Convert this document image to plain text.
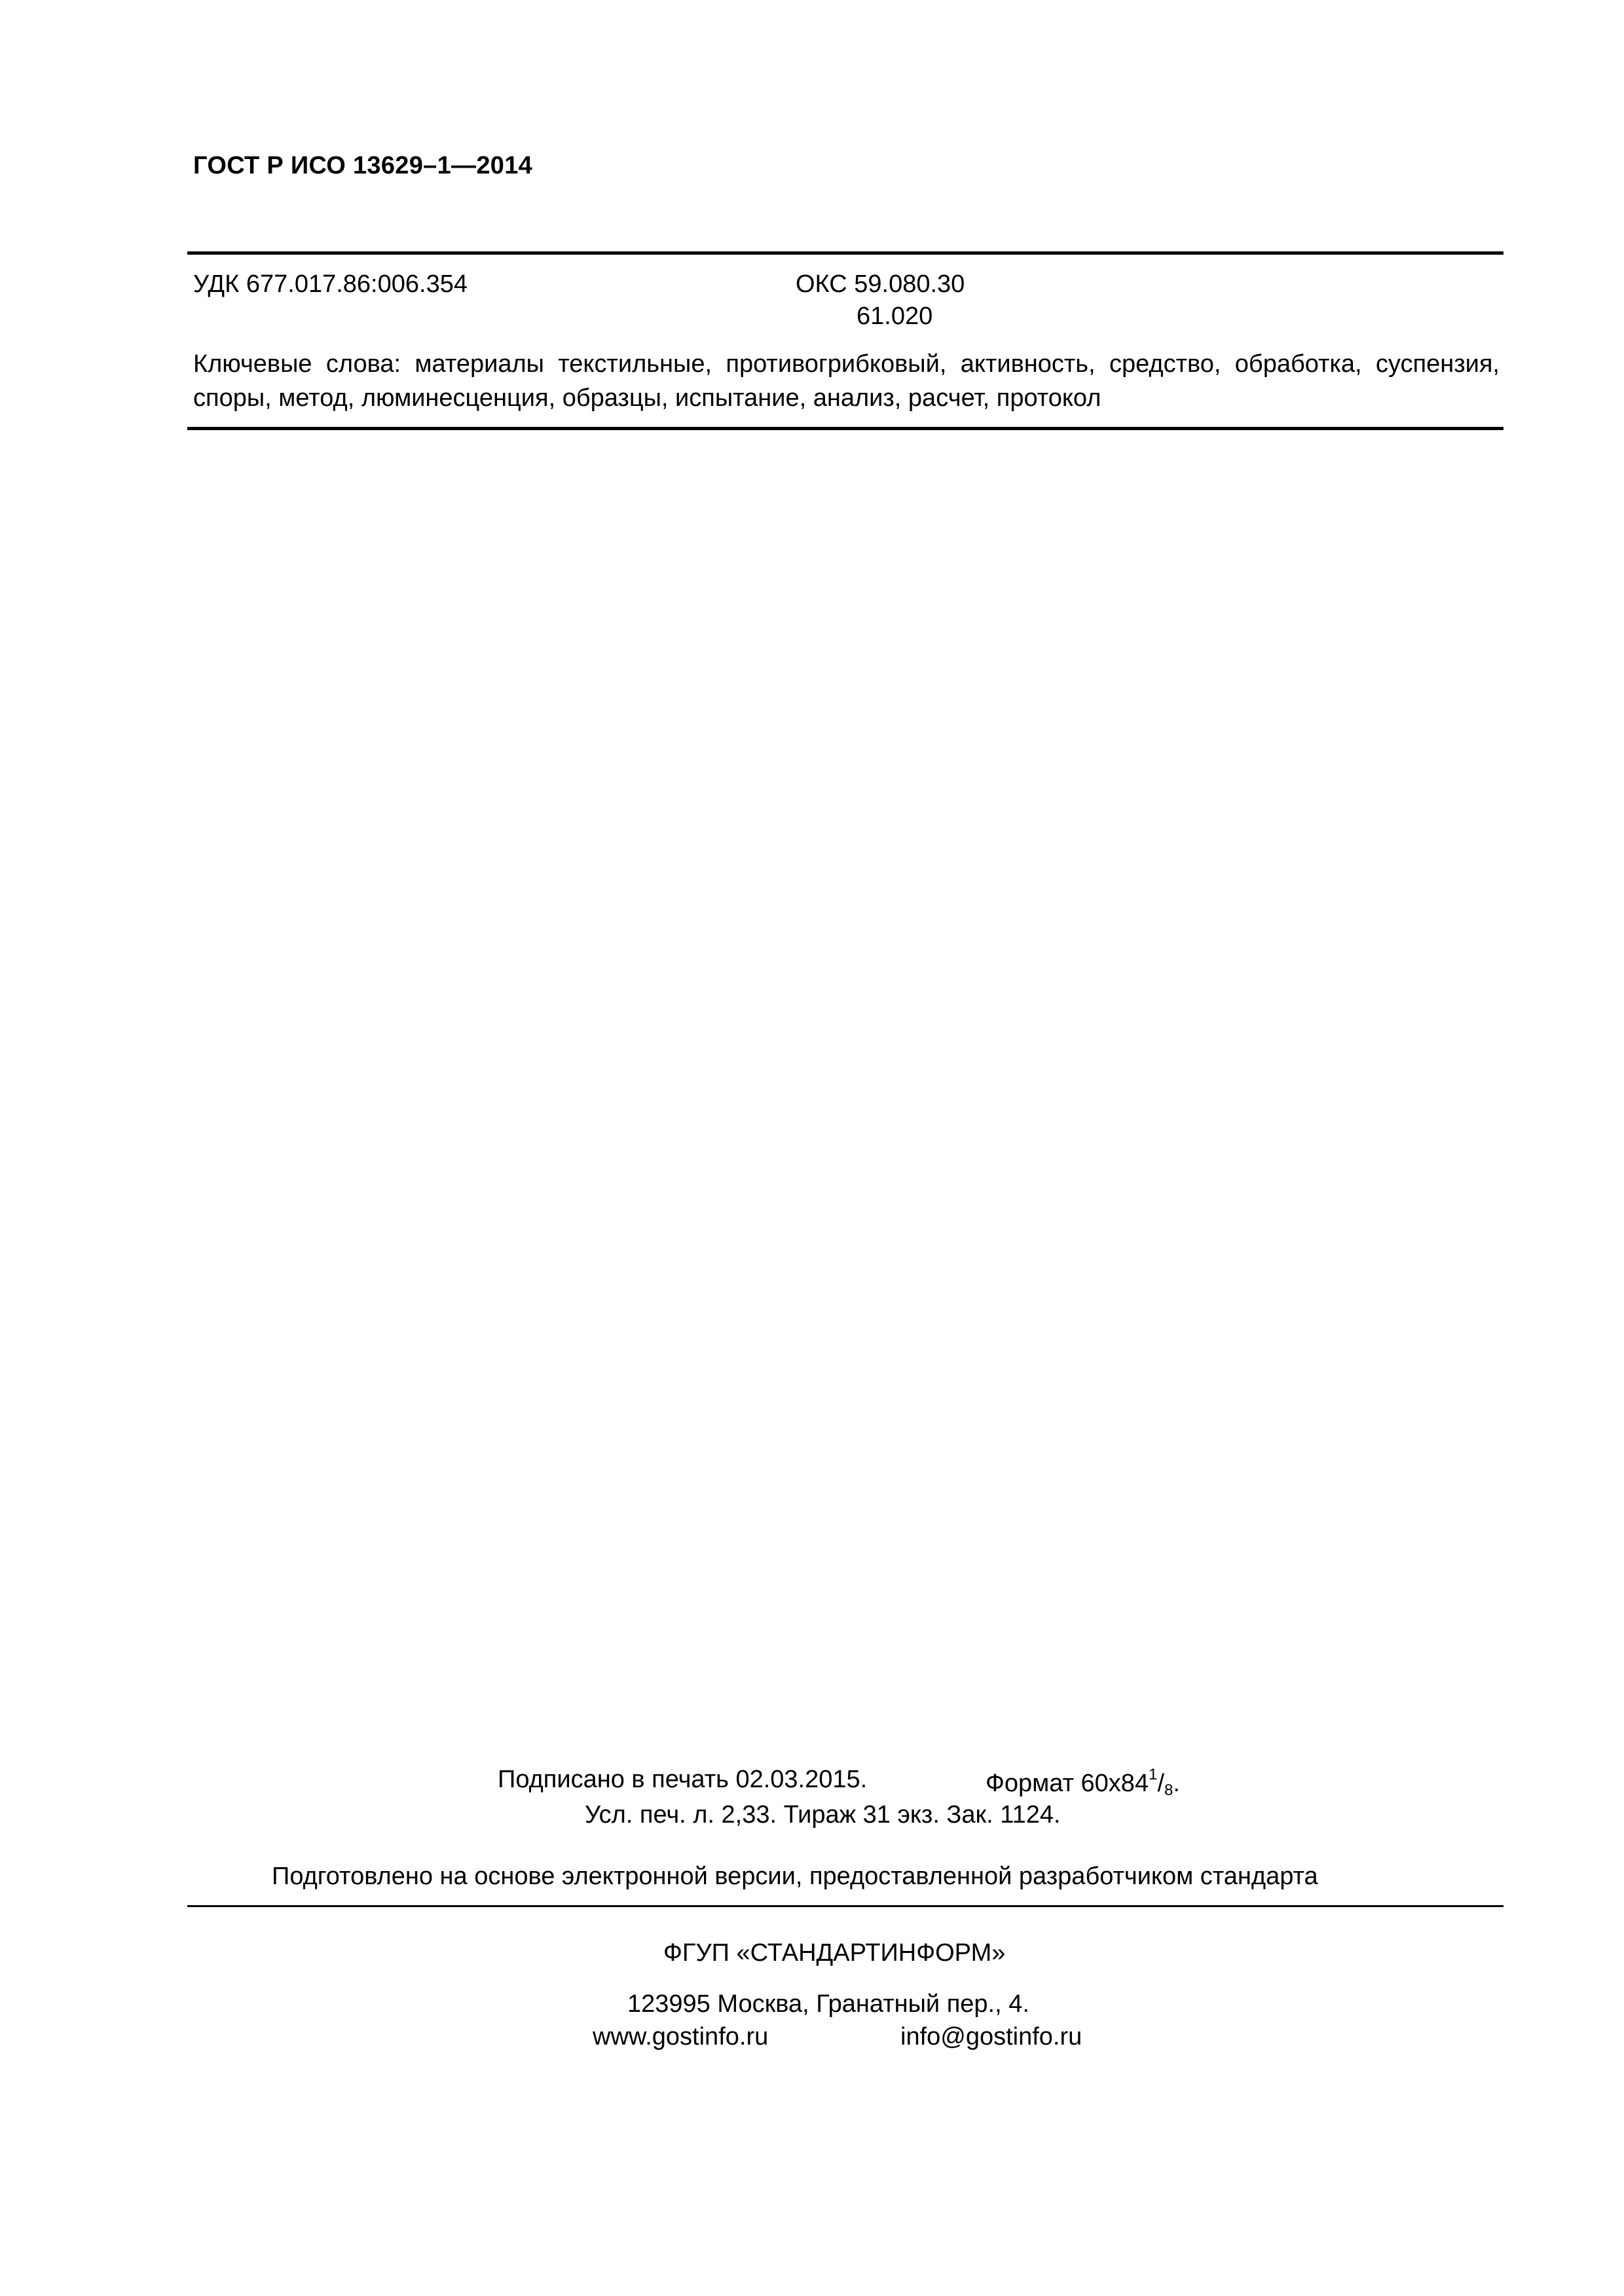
ГОСТ Р ИСО 13629–1—2014
УДК 677.017.86:006.354	ОКС 59.080.30
61.020
Ключевые слова: материалы текстильные, противогрибковый, активность, средство, обработка, суспензия, споры, метод, люминесценция, образцы, испытание, анализ, расчет, протокол
Подписано в печать 02.03.2015.	Формат $60x84^1/_8$.
Усл. печ. л. 2,33. Тираж 31 экз. Зак. 1124.
Подготовлено на основе электронной версии, предоставленной разработчиком стандарта
ФГУП «СТАНДАРТИНФОРМ»
123995 Москва, Гранатный пер., 4.
www.gostinfo.ru	info@gostinfo.ru
